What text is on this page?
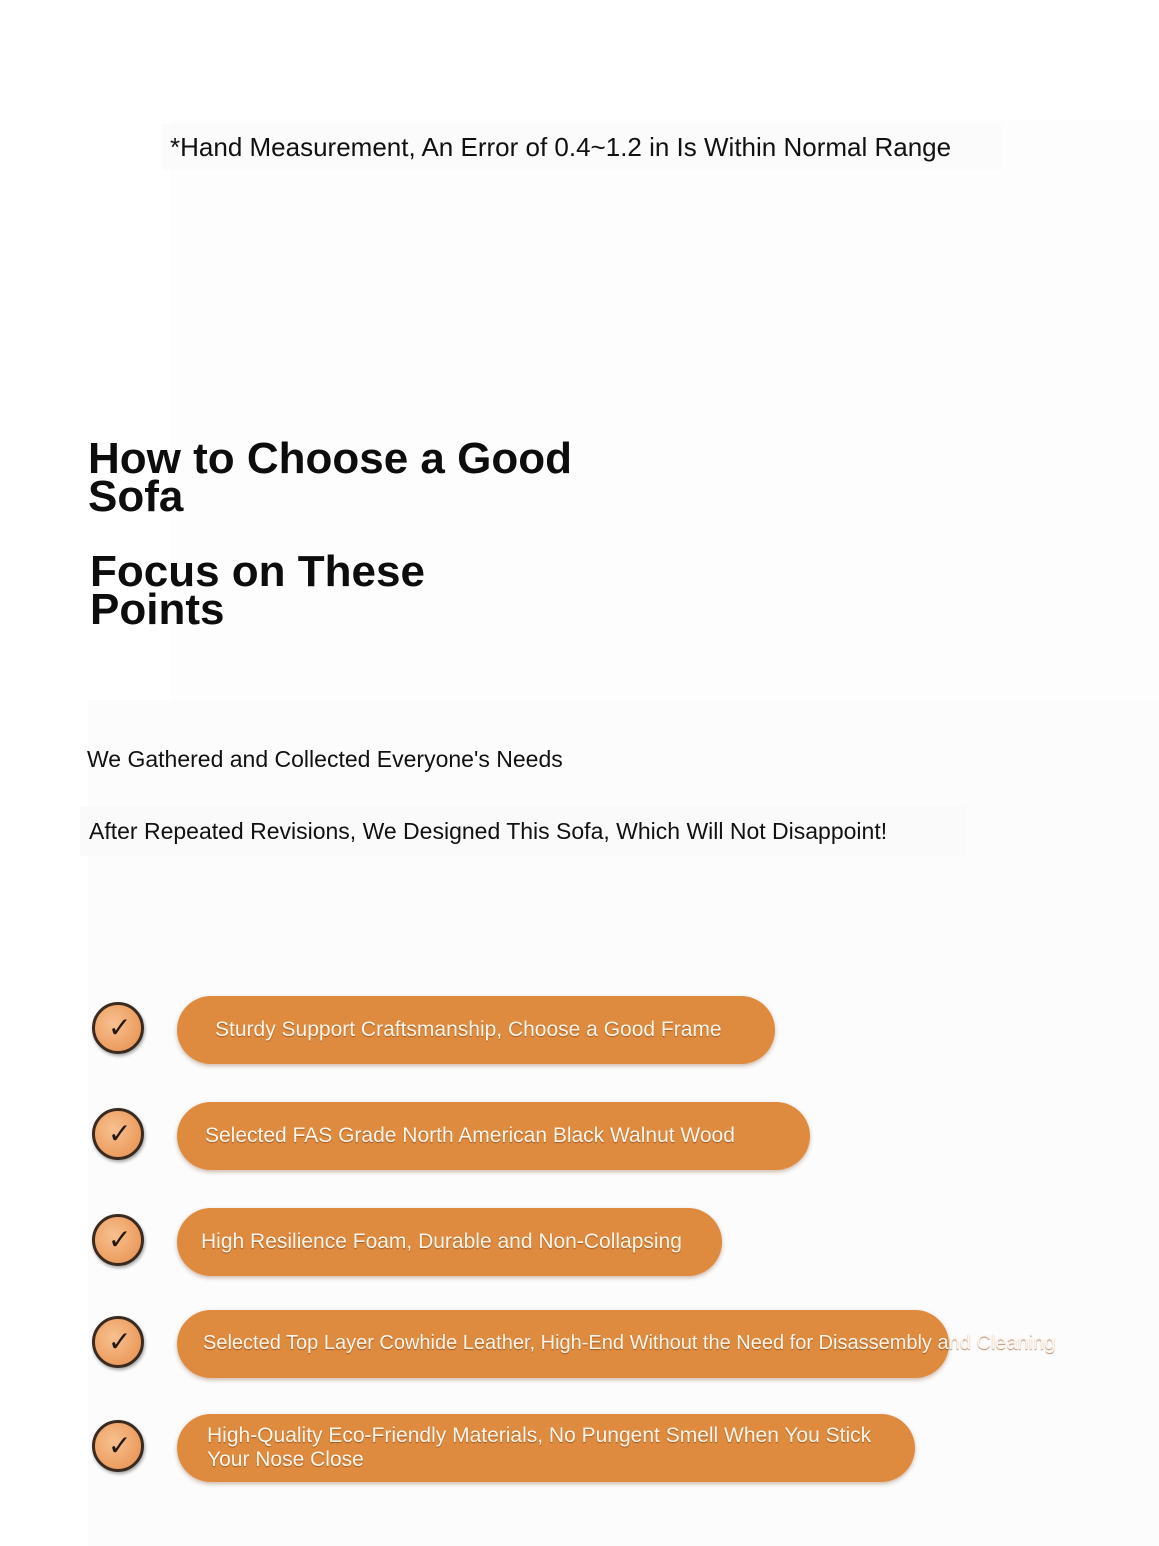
*Hand Measurement, An Error of 0.4~1.2 in Is Within Normal Range
How to Choose a Good Sofa
Focus on These Points
We Gathered and Collected Everyone's Needs
After Repeated Revisions, We Designed This Sofa, Which Will Not Disappoint!
✓	Sturdy Support Craftsmanship, Choose a Good Frame
✓	Selected FAS Grade North American Black Walnut Wood
✓	High Resilience Foam, Durable and Non-Collapsing
✓	Selected Top Layer Cowhide Leather, High-End Without the Need for Disassembly and Cleaning
✓	High-Quality Eco-Friendly Materials, No Pungent Smell When You Stick Your Nose Close
